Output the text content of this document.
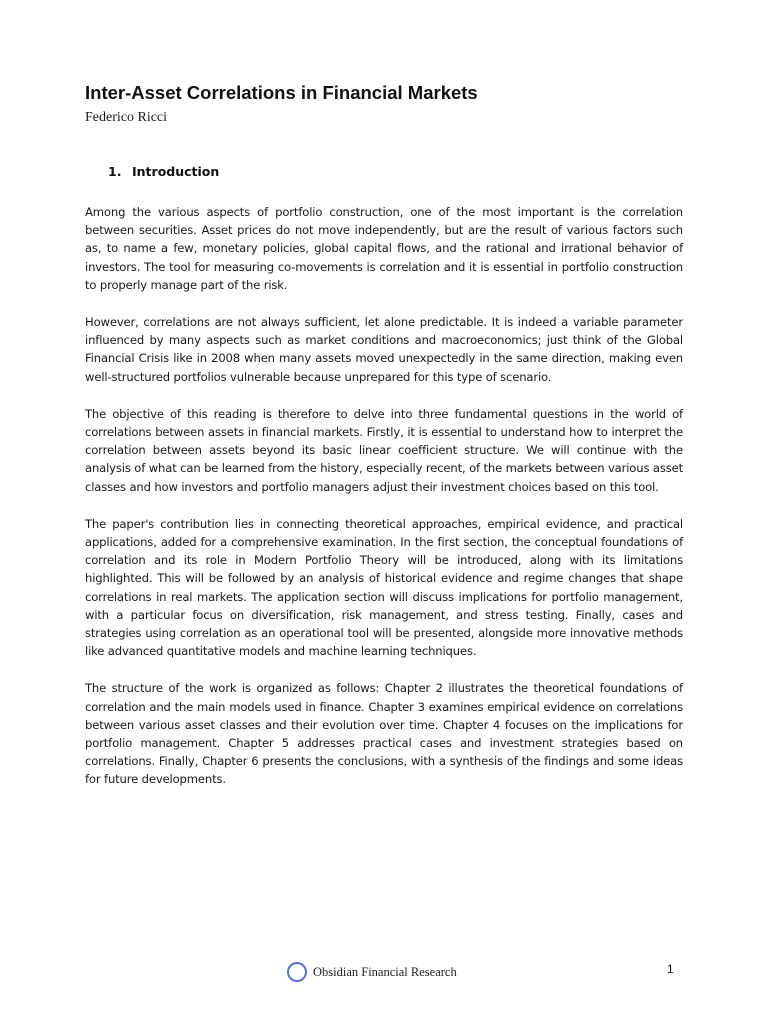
Inter-Asset Correlations in Financial Markets

Federico Ricci

1. Introduction

Among the various aspects of portfolio construction, one of the most important is the correlation between securities. Asset prices do not move independently, but are the result of various factors such as, to name a few, monetary policies, global capital flows, and the rational and irrational behavior of investors. The tool for measuring co-movements is correlation and it is essential in portfolio construction to properly manage part of the risk.

However, correlations are not always sufficient, let alone predictable. It is indeed a variable parameter influenced by many aspects such as market conditions and macroeconomics; just think of the Global Financial Crisis like in 2008 when many assets moved unexpectedly in the same direction, making even well-structured portfolios vulnerable because unprepared for this type of scenario.

The objective of this reading is therefore to delve into three fundamental questions in the world of correlations between assets in financial markets. Firstly, it is essential to understand how to interpret the correlation between assets beyond its basic linear coefficient structure. We will continue with the analysis of what can be learned from the history, especially recent, of the markets between various asset classes and how investors and portfolio managers adjust their investment choices based on this tool.

The paper's contribution lies in connecting theoretical approaches, empirical evidence, and practical applications, added for a comprehensive examination. In the first section, the conceptual foundations of correlation and its role in Modern Portfolio Theory will be introduced, along with its limitations highlighted. This will be followed by an analysis of historical evidence and regime changes that shape correlations in real markets. The application section will discuss implications for portfolio management, with a particular focus on diversification, risk management, and stress testing. Finally, cases and strategies using correlation as an operational tool will be presented, alongside more innovative methods like advanced quantitative models and machine learning techniques.

The structure of the work is organized as follows: Chapter 2 illustrates the theoretical foundations of correlation and the main models used in finance. Chapter 3 examines empirical evidence on correlations between various asset classes and their evolution over time. Chapter 4 focuses on the implications for portfolio management. Chapter 5 addresses practical cases and investment strategies based on correlations. Finally, Chapter 6 presents the conclusions, with a synthesis of the findings and some ideas for future developments.

Obsidian Financial Research	1
